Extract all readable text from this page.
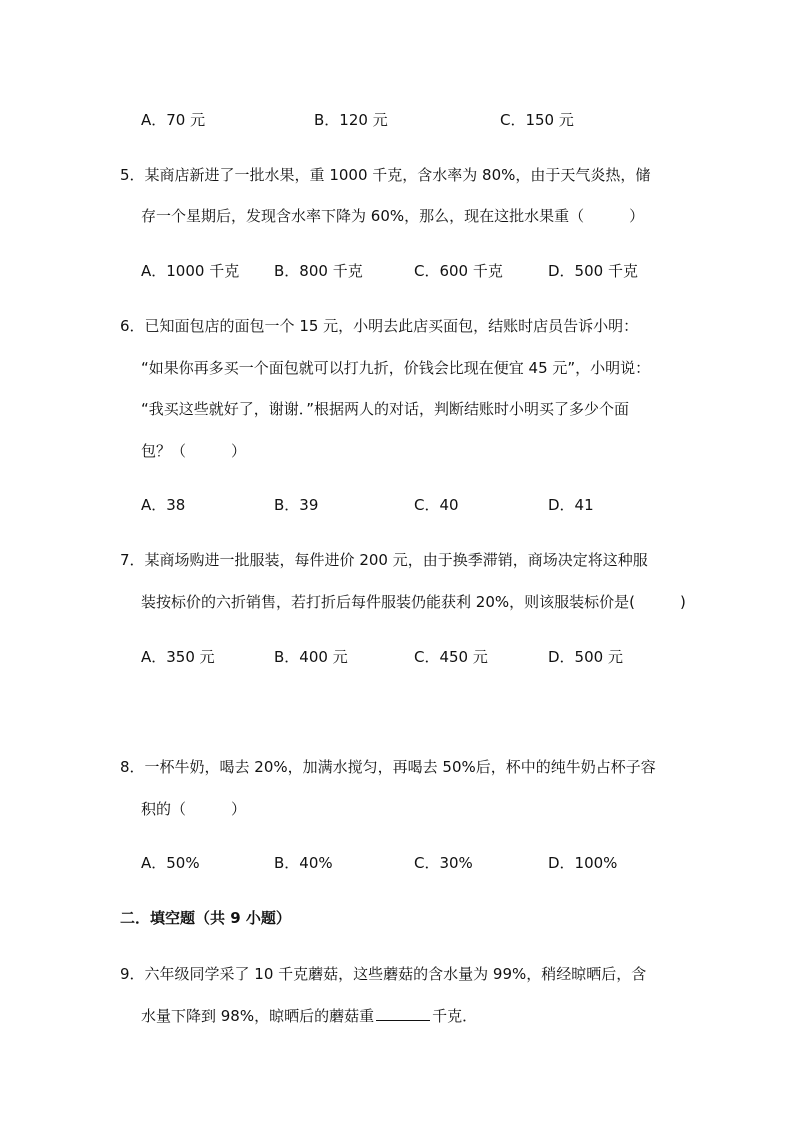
A．70 元	B．120 元	C．150 元
5．某商店新进了一批水果，重 1000 千克，含水率为 80%，由于天气炎热，储
存一个星期后，发现含水率下降为 60%，那么，现在这批水果重（　　　）
A．1000 千克 B．800 千克	C．600 千克	D．500 千克
6．已知面包店的面包一个 15 元，小明去此店买面包，结账时店员告诉小明：
“如果你再多买一个面包就可以打九折，价钱会比现在便宜 45 元”，小明说：
“我买这些就好了，谢谢．”根据两人的对话，判断结账时小明买了多少个面
包？（　　　）
A．38	B．39	C．40	D．41
7．某商场购进一批服装，每件进价 200 元，由于换季滞销，商场决定将这种服
装按标价的六折销售，若打折后每件服装仍能获利 20%，则该服装标价是(　　　)
A．350 元	B．400 元	C．450 元	D．500 元
8．一杯牛奶，喝去 20%，加满水搅匀，再喝去 50%后，杯中的纯牛奶占杯子容
积的（　　　）
A．50%	B．40%	C．30%	D．100%
二．填空题（共 9 小题）
9．六年级同学采了 10 千克蘑菇，这些蘑菇的含水量为 99%，稍经晾晒后，含
水量下降到 98%，晾晒后的蘑菇重	千克．
